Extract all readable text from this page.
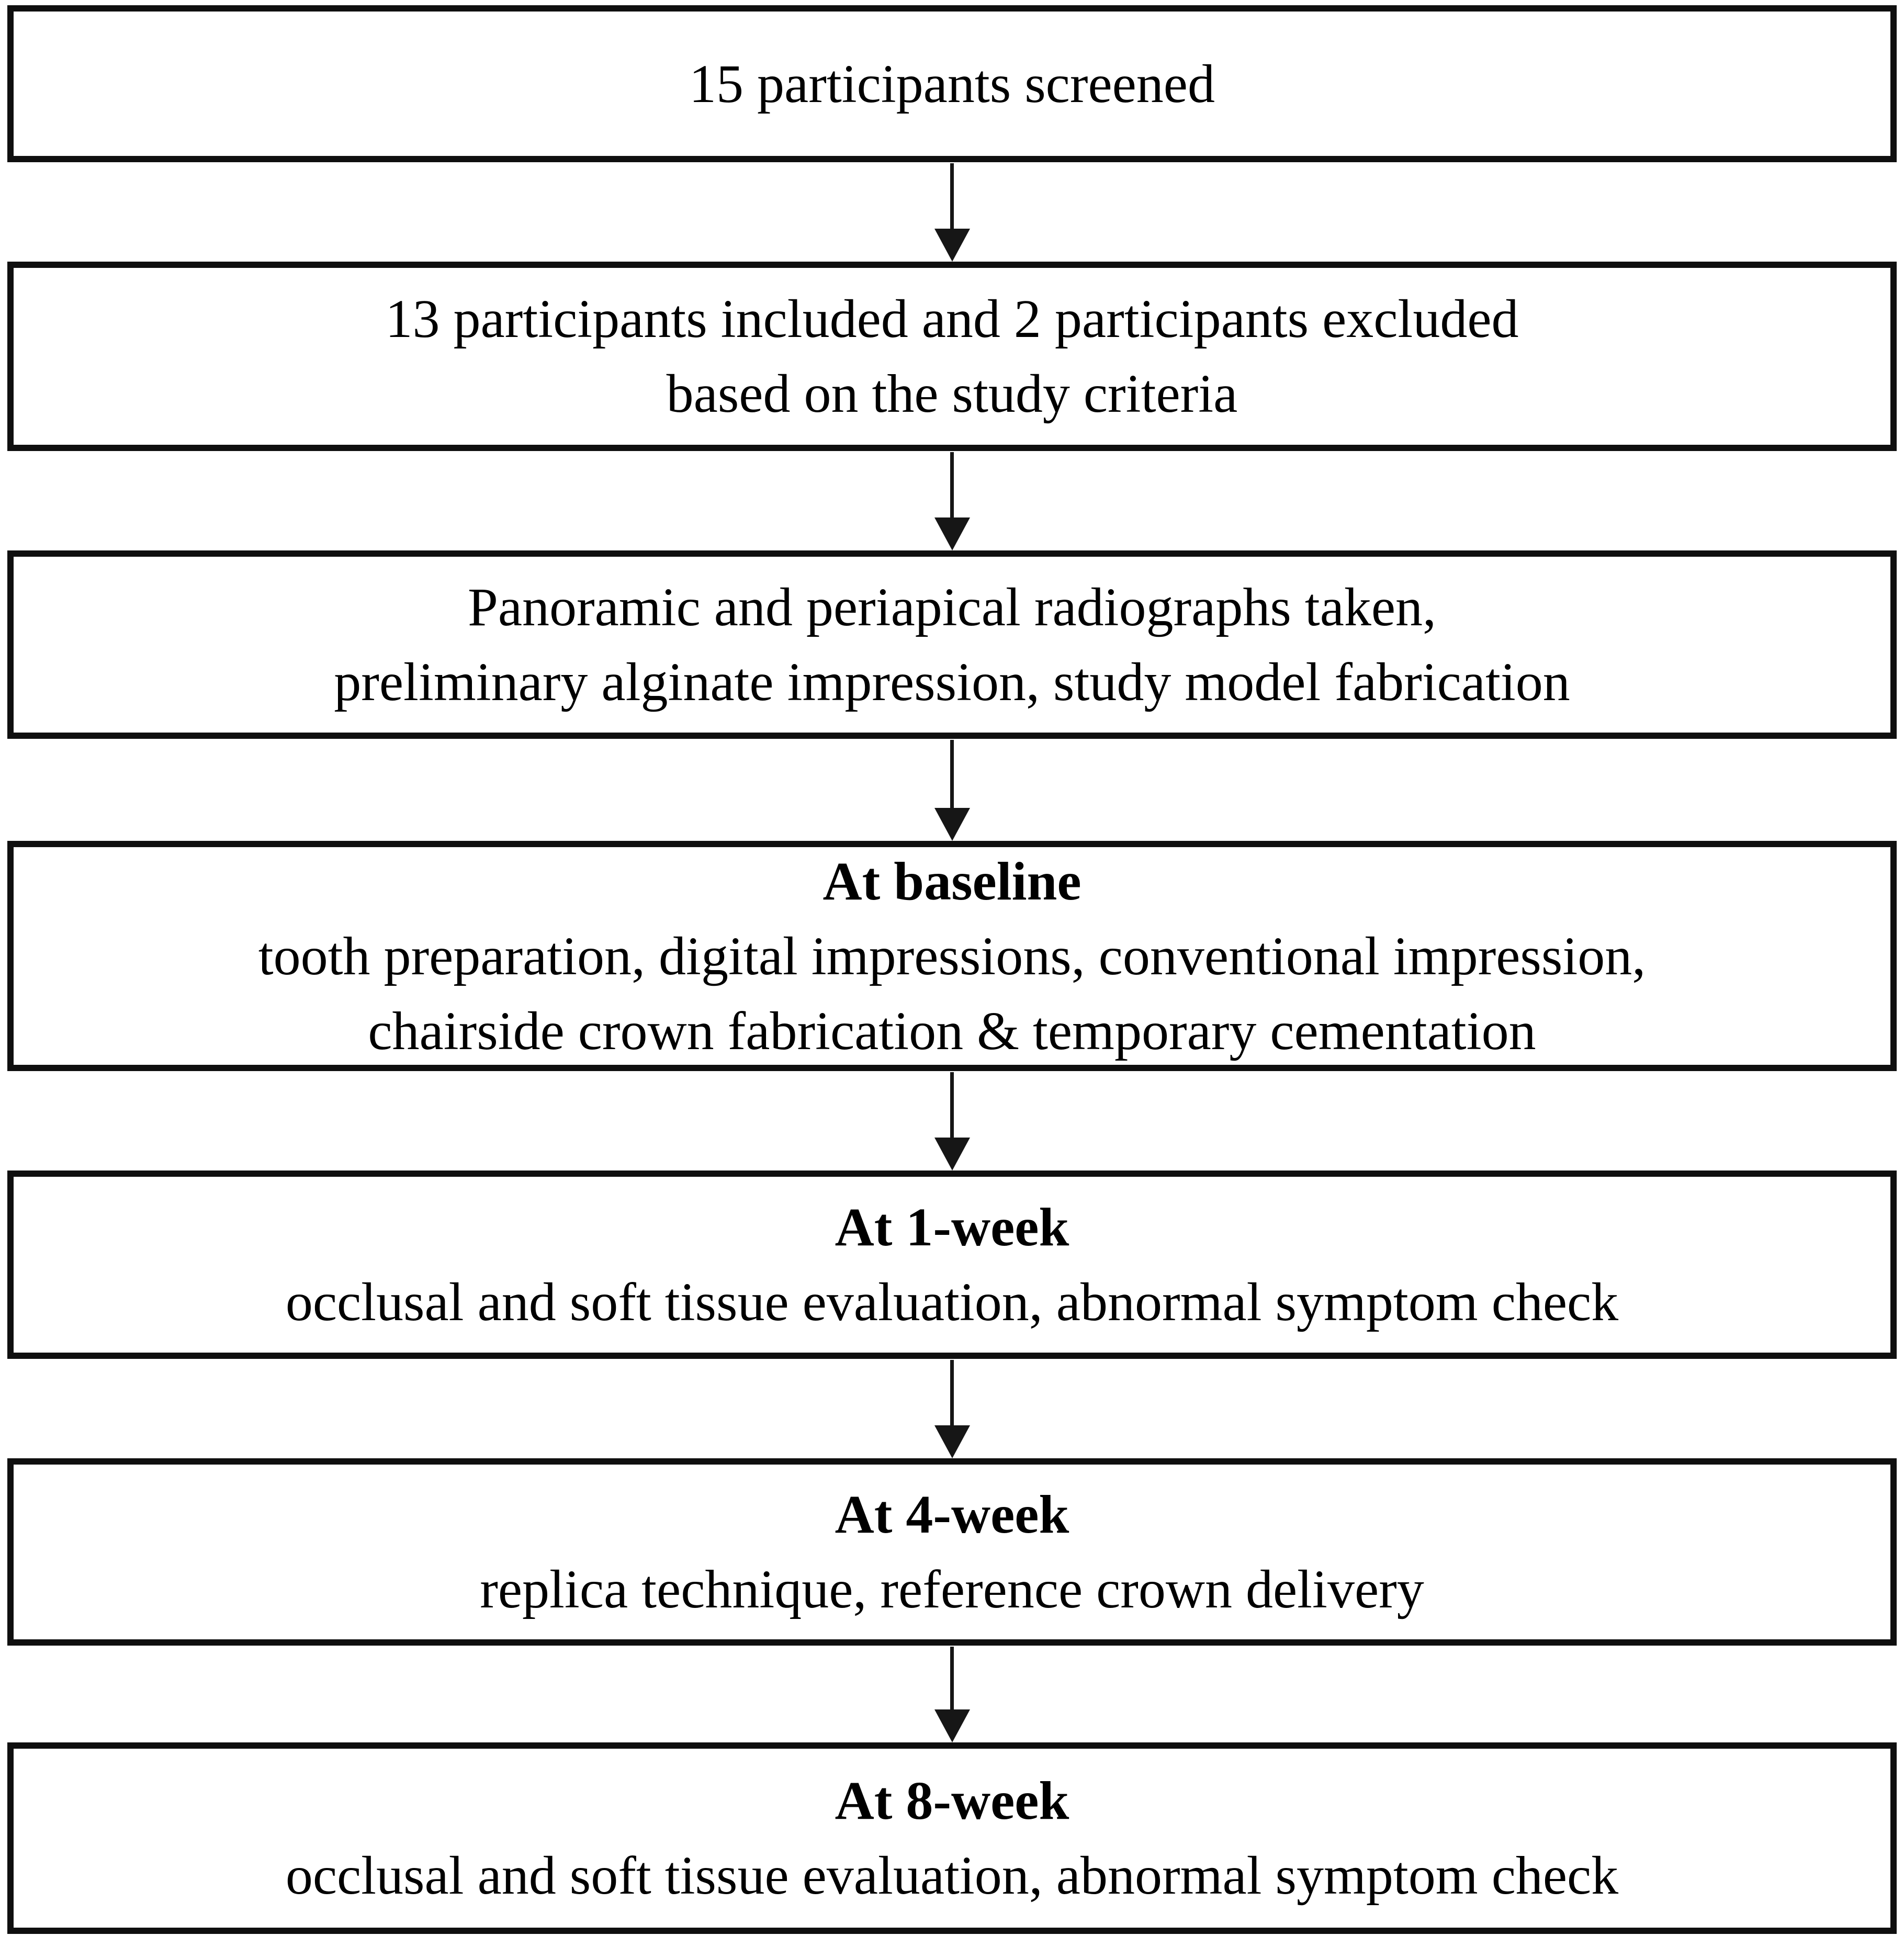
15 participants screened
13 participants included and 2 participants excluded
based on the study criteria
Panoramic and periapical radiographs taken,
preliminary alginate impression, study model fabrication
At baseline
tooth preparation, digital impressions, conventional impression,
chairside crown fabrication & temporary cementation
At 1-week
occlusal and soft tissue evaluation, abnormal symptom check
At 4-week
replica technique, reference crown delivery
At 8-week
occlusal and soft tissue evaluation, abnormal symptom check
